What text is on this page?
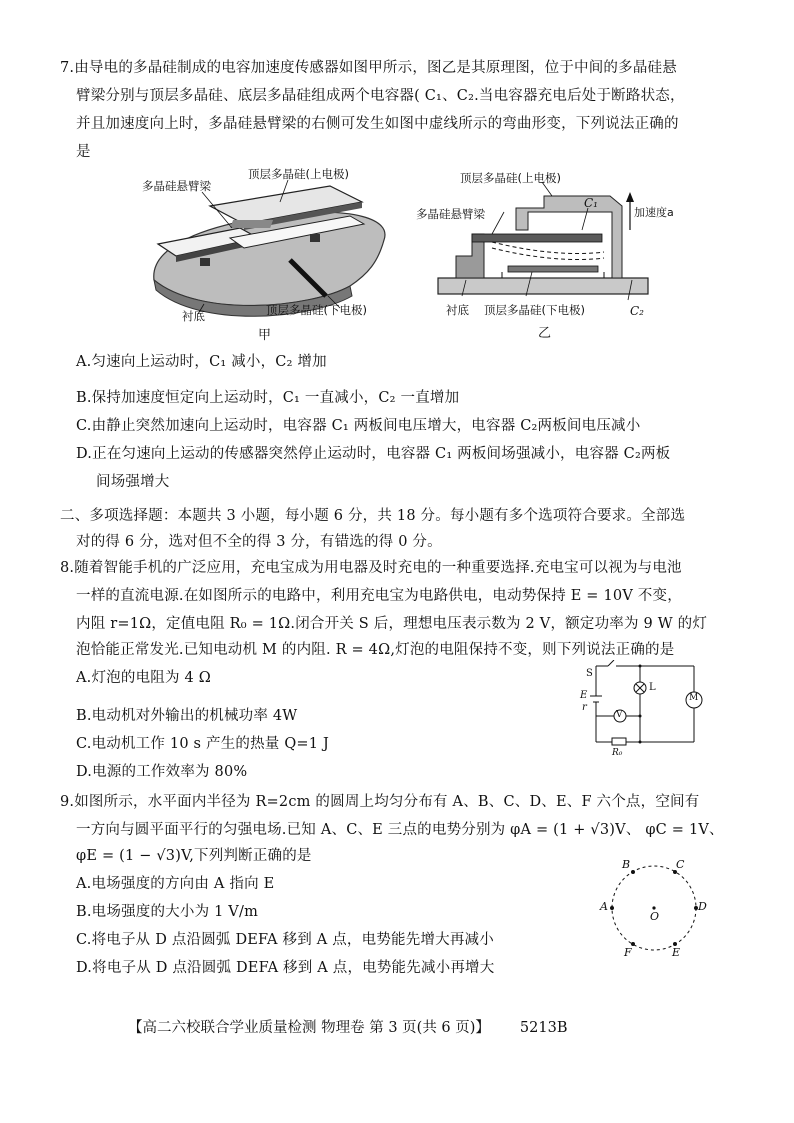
7.由导电的多晶硅制成的电容加速度传感器如图甲所示，图乙是其原理图，位于中间的多晶硅悬
臂梁分别与顶层多晶硅、底层多晶硅组成两个电容器( C₁、C₂.当电容器充电后处于断路状态，
并且加速度向上时，多晶硅悬臂梁的右侧可发生如图中虚线所示的弯曲形变，下列说法正确的
是
多晶硅悬臂梁
顶层多晶硅(上电极)
顶层多晶硅(下电极)
衬底
甲
顶层多晶硅(上电极)
多晶硅悬臂梁
C₁
加速度a
衬底 顶层多晶硅(下电极)	C₂
乙
A.匀速向上运动时，C₁ 减小，C₂ 增加
B.保持加速度恒定向上运动时，C₁ 一直减小，C₂ 一直增加
C.由静止突然加速向上运动时，电容器 C₁ 两板间电压增大，电容器 C₂两板间电压减小
D.正在匀速向上运动的传感器突然停止运动时，电容器 C₁ 两板间场强减小，电容器 C₂两板
间场强增大
二、多项选择题：本题共 3 小题，每小题 6 分，共 18 分。每小题有多个选项符合要求。全部选
对的得 6 分，选对但不全的得 3 分，有错选的得 0 分。
8.随着智能手机的广泛应用，充电宝成为用电器及时充电的一种重要选择.充电宝可以视为与电池
一样的直流电源.在如图所示的电路中，利用充电宝为电路供电，电动势保持 E = 10V 不变，
内阻 r=1Ω，定值电阻 R₀ = 1Ω.闭合开关 S 后，理想电压表示数为 2 V，额定功率为 9 W 的灯
泡恰能正常发光.已知电动机 M 的内阻. R = 4Ω,灯泡的电阻保持不变，则下列说法正确的是
A.灯泡的电阻为 4 Ω
B.电动机对外输出的机械功率 4W
C.电动机工作 10 s 产生的热量 Q=1 J
D.电源的工作效率为 80%
S
E
r
L
V
M
R₀
9.如图所示，水平面内半径为 R=2cm 的圆周上均匀分布有 A、B、C、D、E、F 六个点，空间有
一方向与圆平面平行的匀强电场.已知 A、C、E 三点的电势分别为 φA = (1 + √3)V、 φC = 1V、
φE = (1 − √3)V,下列判断正确的是
A.电场强度的方向由 A 指向 E
B.电场强度的大小为 1 V/m
C.将电子从 D 点沿圆弧 DEFA 移到 A 点，电势能先增大再减小
D.将电子从 D 点沿圆弧 DEFA 移到 A 点，电势能先减小再增大
A
B	C
D
E
F
O
【高二六校联合学业质量检测 物理卷 第 3 页(共 6 页)】 5213B
